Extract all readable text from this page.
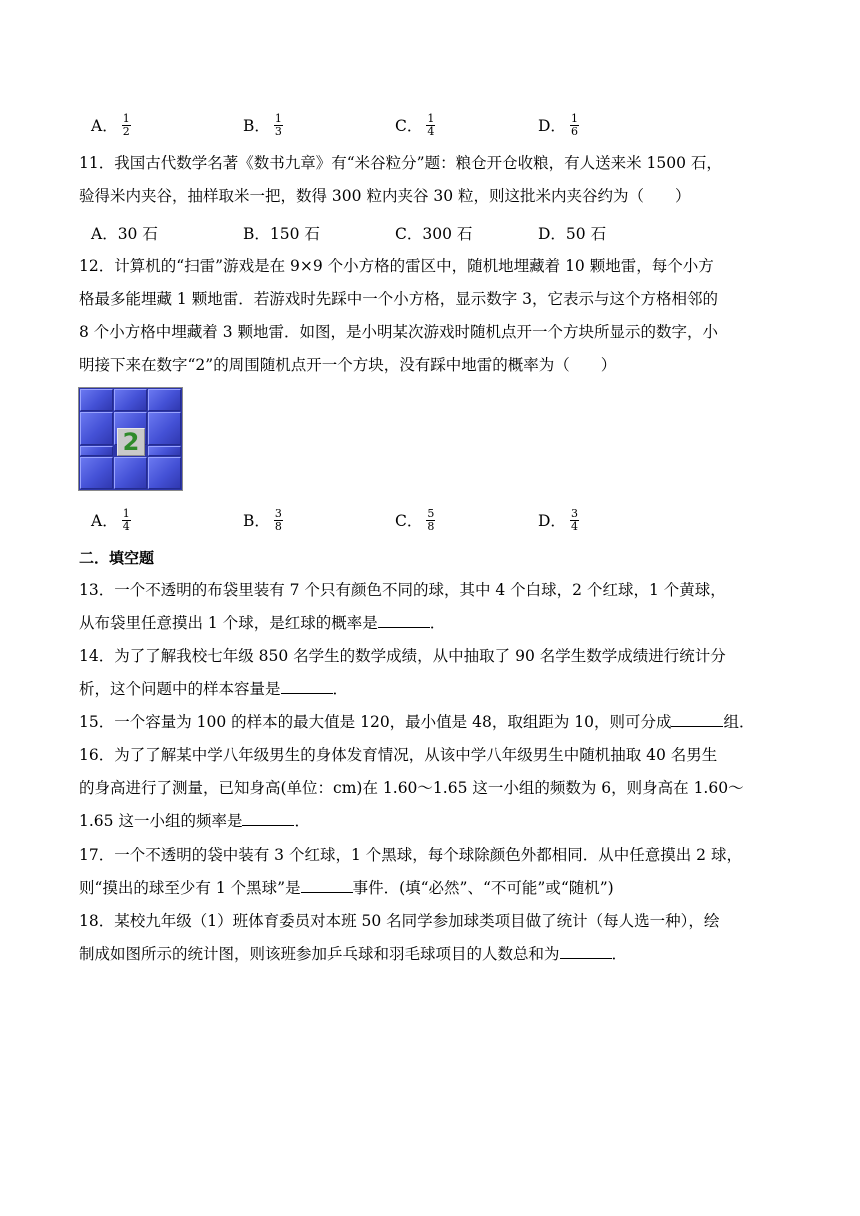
A． $\frac{1}{2}$	B． $\frac{1}{3}$	C． $\frac{1}{4}$	D． $\frac{1}{6}$
11．我国古代数学名著《数书九章》有“米谷粒分”题：粮仓开仓收粮，有人送来米 1500 石，
验得米内夹谷，抽样取米一把，数得 300 粒内夹谷 30 粒，则这批米内夹谷约为（　　）
A．30 石	B．150 石	C．300 石	D．50 石
12．计算机的“扫雷”游戏是在 9×9 个小方格的雷区中，随机地埋藏着 10 颗地雷，每个小方
格最多能埋藏 1 颗地雷．若游戏时先踩中一个小方格，显示数字 3，它表示与这个方格相邻的
8 个小方格中埋藏着 3 颗地雷．如图，是小明某次游戏时随机点开一个方块所显示的数字，小
明接下来在数字“2”的周围随机点开一个方块，没有踩中地雷的概率为（　　）
2
A． $\frac{1}{4}$	B． $\frac{3}{8}$	C． $\frac{5}{8}$	D． $\frac{3}{4}$
二．填空题
13．一个不透明的布袋里装有 7 个只有颜色不同的球，其中 4 个白球，2 个红球，1 个黄球，
从布袋里任意摸出 1 个球，是红球的概率是	．
14．为了了解我校七年级 850 名学生的数学成绩，从中抽取了 90 名学生数学成绩进行统计分
析，这个问题中的样本容量是	．
15．一个容量为 100 的样本的最大值是 120，最小值是 48，取组距为 10，则可分成	组．
16．为了了解某中学八年级男生的身体发育情况，从该中学八年级男生中随机抽取 40 名男生
的身高进行了测量，已知身高(单位：cm)在 1.60～1.65 这一小组的频数为 6，则身高在 1.60～
1.65 这一小组的频率是	．
17．一个不透明的袋中装有 3 个红球，1 个黑球，每个球除颜色外都相同．从中任意摸出 2 球，
则“摸出的球至少有 1 个黑球”是	事件．(填“必然”、“不可能”或“随机”)
18．某校九年级（1）班体育委员对本班 50 名同学参加球类项目做了统计（每人选一种），绘
制成如图所示的统计图，则该班参加乒乓球和羽毛球项目的人数总和为	．
